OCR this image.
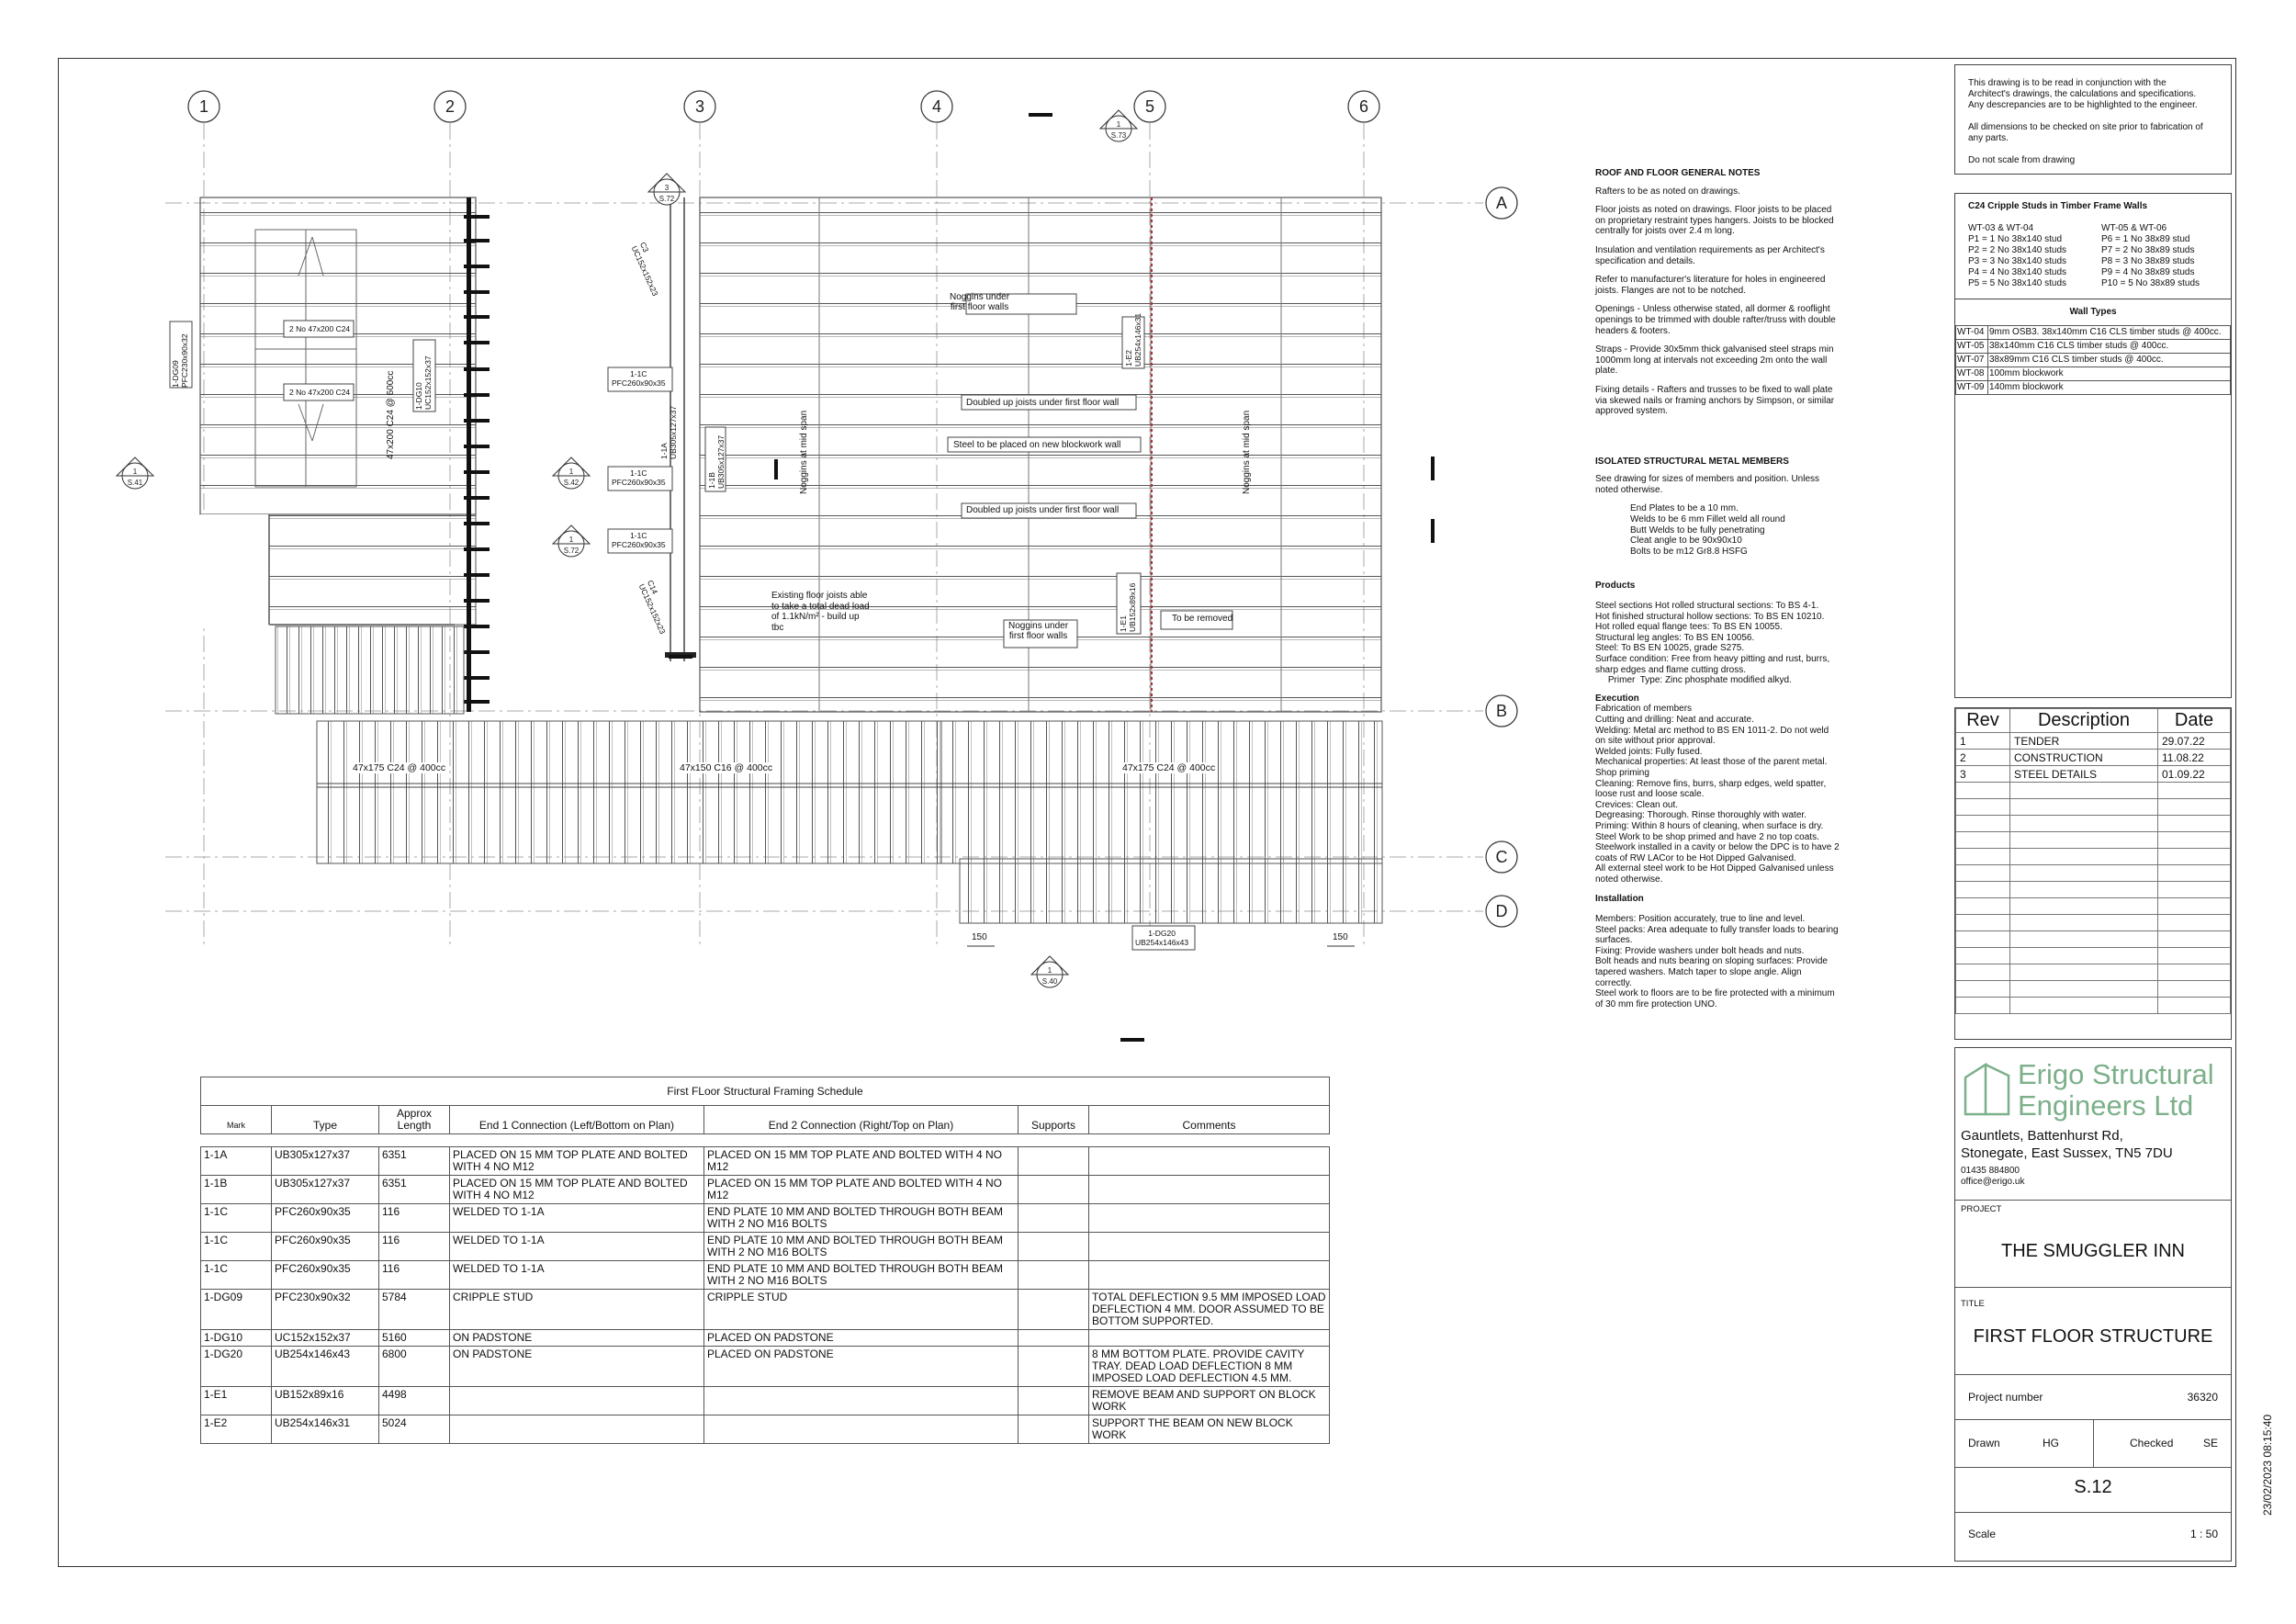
1	2	3	4	5	6
A
B
C
D
1
S.41
1
S.42
1
S.72
3
S.72
1
S.73
1
S.40
1-DG09
PFC230x90x32
1-DG10
UC152x152x37
2 No 47x200 C24
2 No 47x200 C24	47x200 C24 @ 600cc
C3
UC152x152x23
C14
UC152x152x23
1-1C
PFC260x90x35
1-1C
PFC260x90x35
1-1C
PFC260x90x35
1-1A
UB305x127x37
1-1B
UB305x127x37	Noggins at mid span	Noggins at mid span
Noggins under
first floor walls
Noggins under
first floor walls
Doubled up joists under first floor wall
Doubled up joists under first floor wall
Steel to be placed on new blockwork wall
Existing floor joists able
to take a total dead load
of 1.1kN/m² - build up
tbc
1-E2
UB254x146x31
1-E1
UB152x89x16	To be removed
47x175 C24 @ 400cc	47x150 C16 @ 400cc	47x175 C24 @ 400cc
150	150
1-DG20
UB254x146x43
ROOF AND FLOOR GENERAL NOTES

Rafters to be as noted on drawings.

Floor joists as noted on drawings. Floor joists to be placed
on proprietary restraint types hangers. Joists to be blocked
centrally for joists over 2.4 m long.

Insulation and ventilation requirements as per Architect's
specification and details.

Refer to manufacturer's literature for holes in engineered
joists. Flanges are not to be notched.

Openings - Unless otherwise stated, all dormer & rooflight
openings to be trimmed with double rafter/truss with double
headers & footers.

Straps - Provide 30x5mm thick galvanised steel straps min
1000mm long at intervals not exceeding 2m onto the wall
plate.

Fixing details - Rafters and trusses to be fixed to wall plate
via skewed nails or framing anchors by Simpson, or similar
approved system.

ISOLATED STRUCTURAL METAL MEMBERS

See drawing for sizes of members and position. Unless
noted otherwise.

End Plates to be a 10 mm.
Welds to be 6 mm Fillet weld all round
Butt Welds to be fully penetrating
Cleat angle to be 90x90x10
Bolts to be m12 Gr8.8 HSFG
Products
Steel sections Hot rolled structural sections: To BS 4-1.
Hot finished structural hollow sections: To BS EN 10210.
Hot rolled equal flange tees: To BS EN 10055.
Structural leg angles: To BS EN 10056.
Steel: To BS EN 10025, grade S275.
Surface condition: Free from heavy pitting and rust, burrs,
sharp edges and flame cutting dross.
Primer  Type: Zinc phosphate modified alkyd.
Execution
Fabrication of members
Cutting and drilling: Neat and accurate.
Welding: Metal arc method to BS EN 1011-2. Do not weld
on site without prior approval.
Welded joints: Fully fused.
Mechanical properties: At least those of the parent metal.
Shop priming
Cleaning: Remove fins, burrs, sharp edges, weld spatter,
loose rust and loose scale.
Crevices: Clean out.
Degreasing: Thorough. Rinse thoroughly with water.
Priming: Within 8 hours of cleaning, when surface is dry.
Steel Work to be shop primed and have 2 no top coats.
Steelwork installed in a cavity or below the DPC is to have 2
coats of RW LACor to be Hot Dipped Galvanised.
All external steel work to be Hot Dipped Galvanised unless
noted otherwise.
Installation
Members: Position accurately, true to line and level.
Steel packs: Area adequate to fully transfer loads to bearing
surfaces.
Fixing: Provide washers under bolt heads and nuts.
Bolt heads and nuts bearing on sloping surfaces: Provide
tapered washers. Match taper to slope angle. Align
correctly.
Steel work to floors are to be fire protected with a minimum
of 30 mm fire protection UNO.
This drawing is to be read in conjunction with the
Architect's drawings, the calculations and specifications.
Any descrepancies are to be highlighted to the engineer.
All dimensions to be checked on site prior to fabrication of
any parts.
Do not scale from drawing
C24 Cripple Studs in Timber Frame Walls
WT-03 & WT-04
P1 = 1 No 38x140 stud
P2 = 2 No 38x140 studs
P3 = 3 No 38x140 studs
P4 = 4 No 38x140 studs
P5 = 5 No 38x140 studs
WT-05 & WT-06
P6 = 1 No 38x89 stud
P7 = 2 No 38x89 studs
P8 = 3 No 38x89 studs
P9 = 4 No 38x89 studs
P10 = 5 No 38x89 studs
Wall Types
WT-04	9mm OSB3. 38x140mm C16 CLS timber studs @ 400cc.
WT-05	38x140mm C16 CLS timber studs @ 400cc.
WT-07	38x89mm C16 CLS timber studs @ 400cc.
WT-08	100mm blockwork
WT-09	140mm blockwork
Rev	Description	Date
1	TENDER	29.07.22
2	CONSTRUCTION	11.08.22
3	STEEL DETAILS	01.09.22

Erigo Structural
Engineers Ltd
Gauntlets, Battenhurst Rd,
Stonegate, East Sussex, TN5 7DU
01435 884800
office@erigo.uk
PROJECT
THE SMUGGLER INN
TITLE
FIRST FLOOR STRUCTURE
Project number	36320
Drawn	HG	Checked	SE
S.12
Scale	1 : 50
23/02/2023 08:15:40
First FLoor Structural Framing Schedule						
Mark	Type	Approx Length	End 1 Connection (Left/Bottom on Plan)	End 2 Connection (Right/Top on Plan)	Supports	Comments

1-1A	UB305x127x37	6351	PLACED ON 15 MM TOP PLATE AND BOLTED WITH 4 NO M12	PLACED ON 15 MM TOP PLATE AND BOLTED WITH 4 NO M12		
1-1B	UB305x127x37	6351	PLACED ON 15 MM TOP PLATE AND BOLTED WITH 4 NO M12	PLACED ON 15 MM TOP PLATE AND BOLTED WITH 4 NO M12		
1-1C	PFC260x90x35	116	WELDED TO 1-1A	END PLATE 10 MM AND BOLTED THROUGH BOTH BEAM WITH 2 NO M16 BOLTS		
1-1C	PFC260x90x35	116	WELDED TO 1-1A	END PLATE 10 MM AND BOLTED THROUGH BOTH BEAM WITH 2 NO M16 BOLTS		
1-1C	PFC260x90x35	116	WELDED TO 1-1A	END PLATE 10 MM AND BOLTED THROUGH BOTH BEAM WITH 2 NO M16 BOLTS		
1-DG09	PFC230x90x32	5784	CRIPPLE STUD	CRIPPLE STUD		TOTAL DEFLECTION 9.5 MM IMPOSED LOAD DEFLECTION 4 MM. DOOR ASSUMED TO BE BOTTOM SUPPORTED.
1-DG10	UC152x152x37	5160	ON PADSTONE	PLACED ON PADSTONE		
1-DG20	UB254x146x43	6800	ON PADSTONE	PLACED ON PADSTONE		8 MM BOTTOM PLATE. PROVIDE CAVITY TRAY. DEAD LOAD DEFLECTION 8 MM IMPOSED LOAD DEFLECTION 4.5 MM.
1-E1	UB152x89x16	4498				REMOVE BEAM AND SUPPORT ON BLOCK WORK
1-E2	UB254x146x31	5024				SUPPORT THE BEAM ON NEW BLOCK WORK
